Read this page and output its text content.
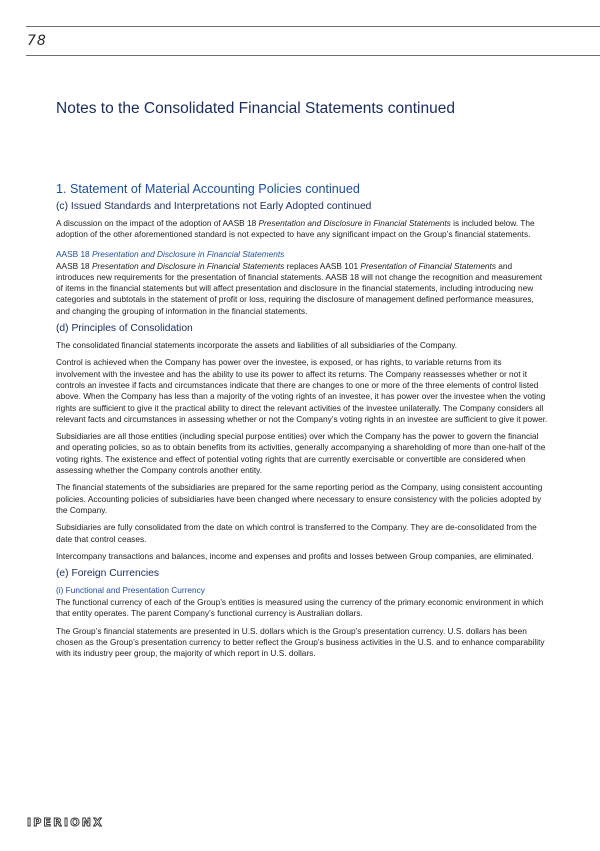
78
Notes to the Consolidated Financial Statements continued
1. Statement of Material Accounting Policies continued
(c) Issued Standards and Interpretations not Early Adopted continued

A discussion on the impact of the adoption of AASB 18 Presentation and Disclosure in Financial Statements is included below. The adoption of the other aforementioned standard is not expected to have any significant impact on the Group’s financial statements.

AASB 18 Presentation and Disclosure in Financial Statements

AASB 18 Presentation and Disclosure in Financial Statements replaces AASB 101 Presentation of Financial Statements and introduces new requirements for the presentation of financial statements. AASB 18 will not change the recognition and measurement of items in the financial statements but will affect presentation and disclosure in the financial statements, including introducing new categories and subtotals in the statement of profit or loss, requiring the disclosure of management defined performance measures, and changing the grouping of information in the financial statements.

(d) Principles of Consolidation

The consolidated financial statements incorporate the assets and liabilities of all subsidiaries of the Company.

Control is achieved when the Company has power over the investee, is exposed, or has rights, to variable returns from its involvement with the investee and has the ability to use its power to affect its returns. The Company reassesses whether or not it controls an investee if facts and circumstances indicate that there are changes to one or more of the three elements of control listed above. When the Company has less than a majority of the voting rights of an investee, it has power over the investee when the voting rights are sufficient to give it the practical ability to direct the relevant activities of the investee unilaterally. The Company considers all relevant facts and circumstances in assessing whether or not the Company’s voting rights in an investee are sufficient to give it power.

Subsidiaries are all those entities (including special purpose entities) over which the Company has the power to govern the financial and operating policies, so as to obtain benefits from its activities, generally accompanying a shareholding of more than one-half of the voting rights. The existence and effect of potential voting rights that are currently exercisable or convertible are considered when assessing whether the Company controls another entity.

The financial statements of the subsidiaries are prepared for the same reporting period as the Company, using consistent accounting policies. Accounting policies of subsidiaries have been changed where necessary to ensure consistency with the policies adopted by the Company.

Subsidiaries are fully consolidated from the date on which control is transferred to the Company. They are de-consolidated from the date that control ceases.

Intercompany transactions and balances, income and expenses and profits and losses between Group companies, are eliminated.

(e) Foreign Currencies
(i) Functional and Presentation Currency

The functional currency of each of the Group’s entities is measured using the currency of the primary economic environment in which that entity operates. The parent Company’s functional currency is Australian dollars.

The Group’s financial statements are presented in U.S. dollars which is the Group’s presentation currency. U.S. dollars has been chosen as the Group’s presentation currency to better reflect the Group’s business activities in the U.S. and to enhance comparability with its industry peer group, the majority of which report in U.S. dollars.

IPERIONX
